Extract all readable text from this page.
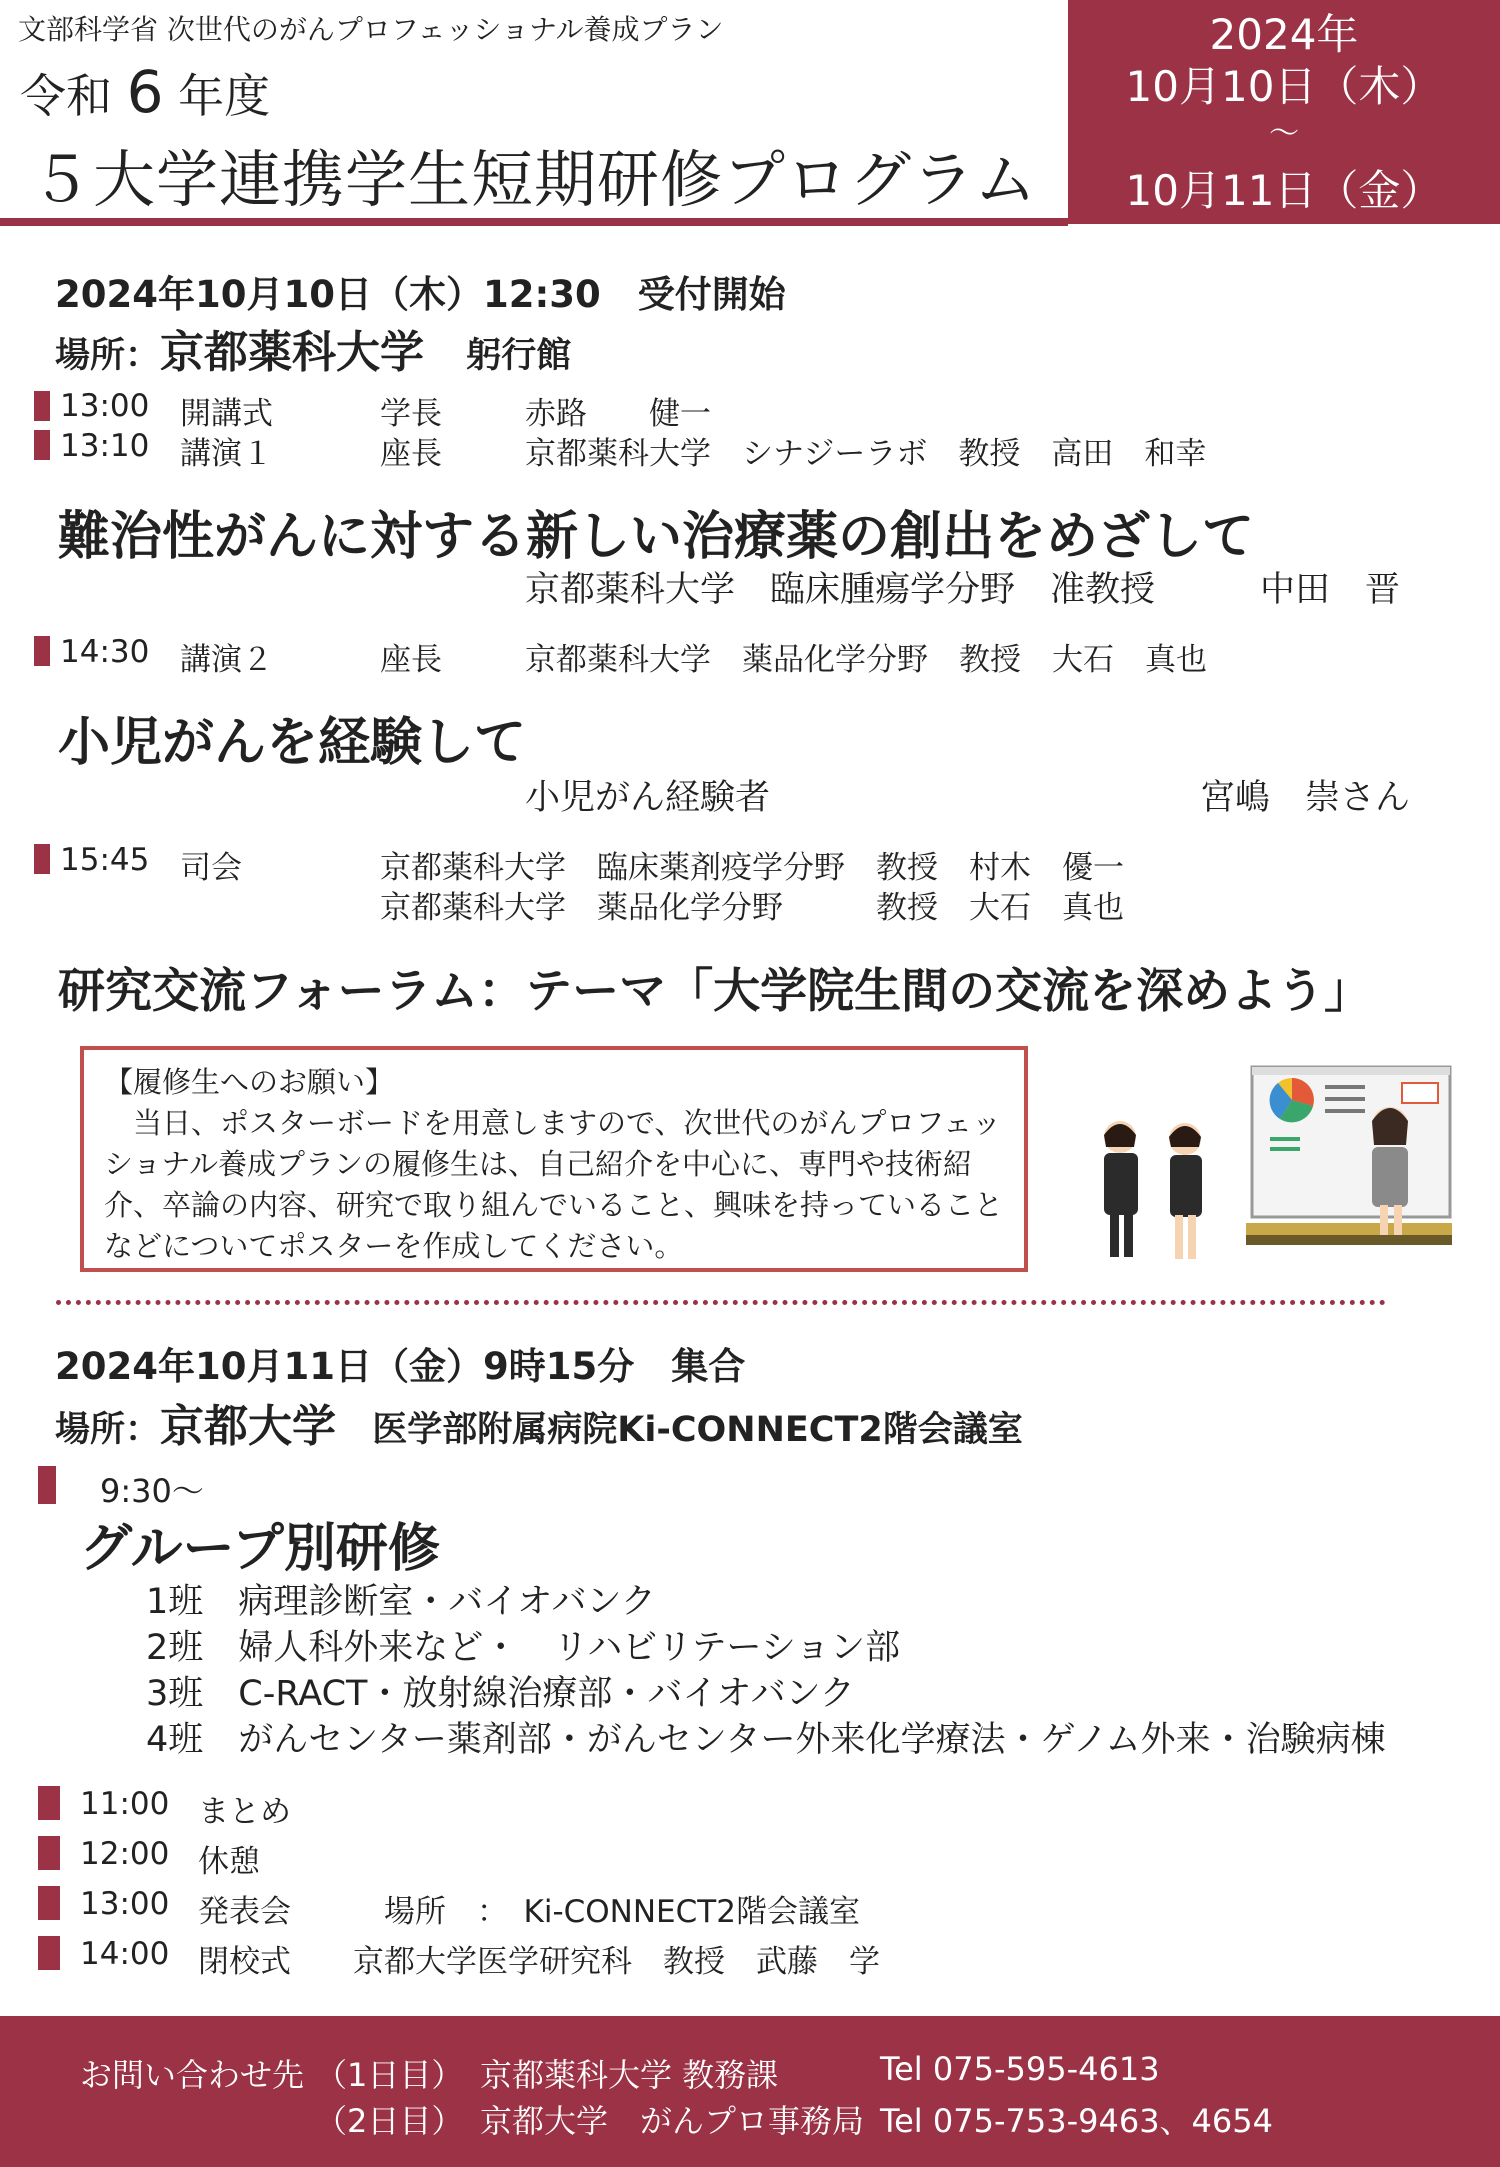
文部科学省 次世代のがんプロフェッショナル養成プラン
令和 6 年度
５大学連携学生短期研修プログラム
2024年
10月10日（木）
～
10月11日（金）
2024年10月10日（木）12:30　受付開始
場所：京都薬科大学 躬行館
13:00 開講式	学長	赤路　　健一
13:10 講演１	座長	京都薬科大学　シナジーラボ　教授　高田　和幸
難治性がんに対する新しい治療薬の創出をめざして
京都薬科大学　臨床腫瘍学分野　准教授	中田　晋
14:30 講演２	座長	京都薬科大学　薬品化学分野　教授　大石　真也
小児がんを経験して
小児がん経験者	宮嶋　崇さん
15:45 司会	京都薬科大学　臨床薬剤疫学分野　教授　村木　優一
京都薬科大学　薬品化学分野　　　教授　大石　真也
研究交流フォーラム：テーマ「大学院生間の交流を深めよう」
【履修生へのお願い】

　当日、ポスターボードを用意しますので、次世代のがんプロフェッショナル養成プランの履修生は、自己紹介を中心に、専門や技術紹介、卒論の内容、研究で取り組んでいること、興味を持っていることなどについてポスターを作成してください。

2024年10月11日（金）9時15分　集合
場所：京都大学 医学部附属病院Ki-CONNECT2階会議室
9:30～
グループ別研修
1班　病理診断室・バイオバンク
2班　婦人科外来など・　リハビリテーション部
3班　C-RACT・放射線治療部・バイオバンク
4班　がんセンター薬剤部・がんセンター外来化学療法・ゲノム外来・治験病棟
11:00 まとめ
12:00 休憩
13:00 発表会　　　場所　：　Ki-CONNECT2階会議室
14:00 閉校式　　京都大学医学研究科　教授　武藤　学
お問い合わせ先 （1日目） 京都薬科大学 教務課	Tel 075-595-4613
（2日目） 京都大学　がんプロ事務局 Tel 075-753-9463、4654
